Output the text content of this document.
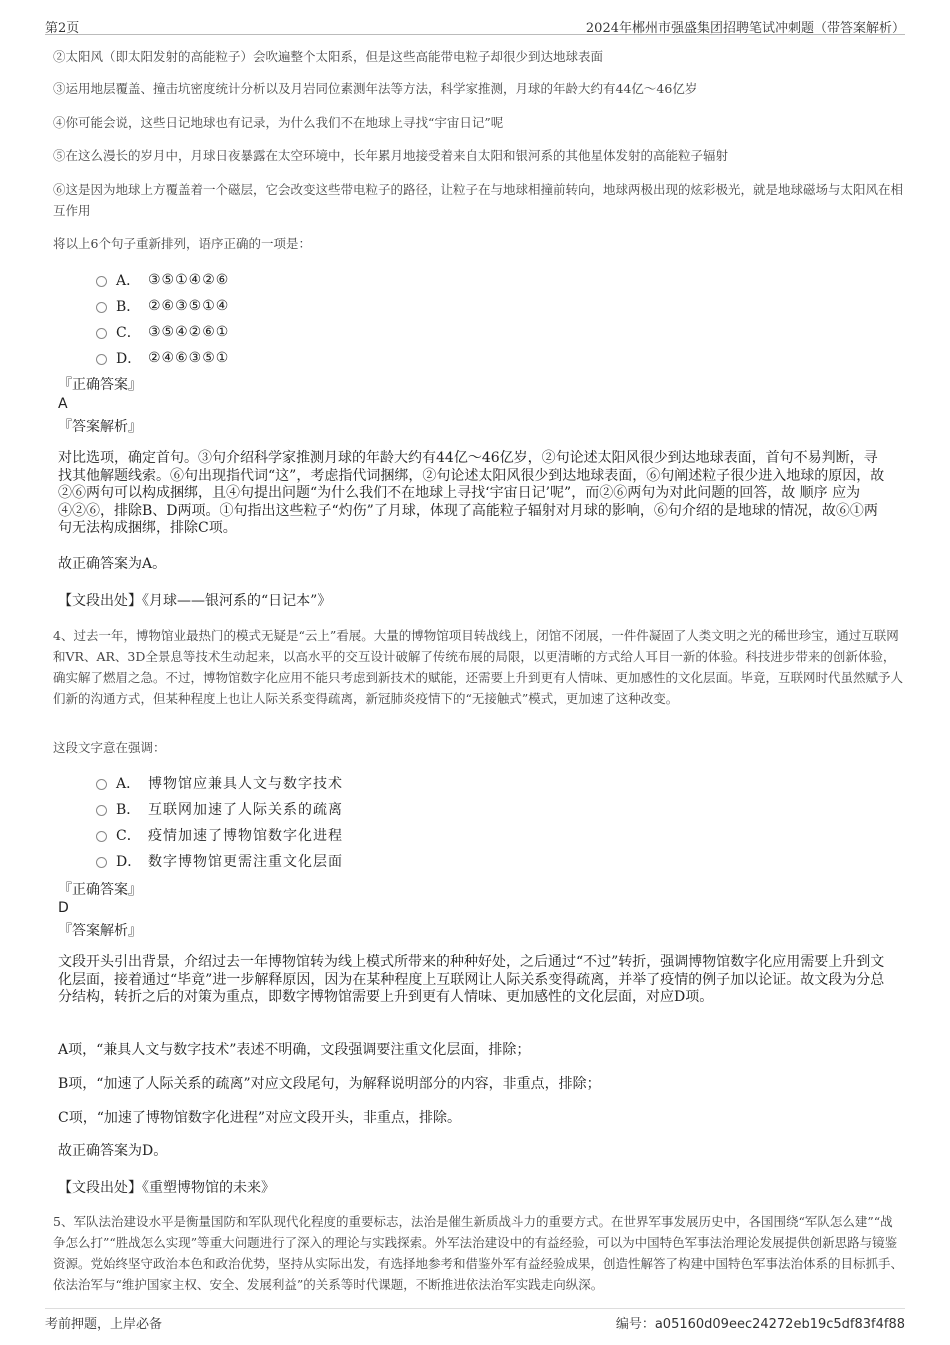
第2页	2024年郴州市强盛集团招聘笔试冲刺题（带答案解析）
②太阳风（即太阳发射的高能粒子）会吹遍整个太阳系，但是这些高能带电粒子却很少到达地球表面
③运用地层覆盖、撞击坑密度统计分析以及月岩同位素测年法等方法，科学家推测，月球的年龄大约有44亿～46亿岁
④你可能会说，这些日记地球也有记录，为什么我们不在地球上寻找“宇宙日记”呢
⑤在这么漫长的岁月中，月球日夜暴露在太空环境中，长年累月地接受着来自太阳和银河系的其他星体发射的高能粒子辐射
⑥这是因为地球上方覆盖着一个磁层，它会改变这些带电粒子的路径，让粒子在与地球相撞前转向，地球两极出现的炫彩极光，就是地球磁场与太阳风在相互作用
将以上6个句子重新排列，语序正确的一项是：
A． ③⑤①④②⑥
B． ②⑥③⑤①④
C． ③⑤④②⑥①
D． ②④⑥③⑤①
『正确答案』
A
『答案解析』
对比选项，确定首句。③句介绍科学家推测月球的年龄大约有44亿～46亿岁，②句论述太阳风很少到达地球表面，首句不易判断，寻找其他解题线索。⑥句出现指代词“这”，考虑指代词捆绑，②句论述太阳风很少到达地球表面，⑥句阐述粒子很少进入地球的原因，故②⑥两句可以构成捆绑，且④句提出问题“为什么我们不在地球上寻找‘宇宙日记’呢”，而②⑥两句为对此问题的回答，故 顺序 应为④②⑥，排除B、D两项。①句指出这些粒子“灼伤”了月球，体现了高能粒子辐射对月球的影响，⑥句介绍的是地球的情况，故⑥①两句无法构成捆绑，排除C项。
故正确答案为A。
【文段出处】《月球——银河系的“日记本”》
4、过去一年，博物馆业最热门的模式无疑是“云上”看展。大量的博物馆项目转战线上，闭馆不闭展，一件件凝固了人类文明之光的稀世珍宝，通过互联网和VR、AR、3D全景息等技术生动起来，以高水平的交互设计破解了传统布展的局限，以更清晰的方式给人耳目一新的体验。科技进步带来的创新体验，确实解了燃眉之急。不过，博物馆数字化应用不能只考虑到新技术的赋能，还需要上升到更有人情味、更加感性的文化层面。毕竟，互联网时代虽然赋予人们新的沟通方式，但某种程度上也让人际关系变得疏离，新冠肺炎疫情下的“无接触式”模式，更加速了这种改变。
这段文字意在强调：
A． 博物馆应兼具人文与数字技术
B． 互联网加速了人际关系的疏离
C． 疫情加速了博物馆数字化进程
D． 数字博物馆更需注重文化层面
『正确答案』
D
『答案解析』
文段开头引出背景，介绍过去一年博物馆转为线上模式所带来的种种好处，之后通过“不过”转折，强调博物馆数字化应用需要上升到文化层面，接着通过“毕竟”进一步解释原因，因为在某种程度上互联网让人际关系变得疏离，并举了疫情的例子加以论证。故文段为分总分结构，转折之后的对策为重点，即数字博物馆需要上升到更有人情味、更加感性的文化层面，对应D项。
A项，“兼具人文与数字技术”表述不明确，文段强调要注重文化层面，排除；
B项，“加速了人际关系的疏离”对应文段尾句，为解释说明部分的内容，非重点，排除；
C项，“加速了博物馆数字化进程”对应文段开头，非重点，排除。
故正确答案为D。
【文段出处】《重塑博物馆的未来》
5、军队法治建设水平是衡量国防和军队现代化程度的重要标志，法治是催生新质战斗力的重要方式。在世界军事发展历史中，各国围绕“军队怎么建”“战争怎么打”“胜战怎么实现”等重大问题进行了深入的理论与实践探索。外军法治建设中的有益经验，可以为中国特色军事法治理论发展提供创新思路与镜鉴资源。党始终坚守政治本色和政治优势，坚持从实际出发，有选择地参考和借鉴外军有益经验成果，创造性解答了构建中国特色军事法治体系的目标抓手、依法治军与“维护国家主权、安全、发展利益”的关系等时代课题，不断推进依法治军实践走向纵深。
考前押题，上岸必备	编号：a05160d09eec24272eb19c5df83f4f88
